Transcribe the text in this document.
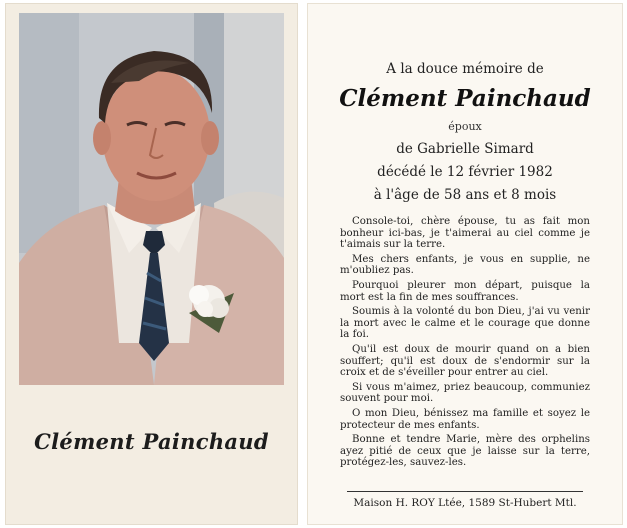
Clément Painchaud
A la douce mémoire de
Clément Painchaud
époux
de Gabrielle Simard
décédé le 12 février 1982
à l'âge de 58 ans et 8 mois

Console-toi, chère épouse, tu as fait mon bonheur ici-bas, je t'aimerai au ciel comme je t'aimais sur la terre.

Mes chers enfants, je vous en supplie, ne m'oubliez pas.

Pourquoi pleurer mon départ, puisque la mort est la fin de mes souffrances.

Soumis à la volonté du bon Dieu, j'ai vu venir la mort avec le calme et le courage que donne la foi.

Qu'il est doux de mourir quand on a bien souffert; qu'il est doux de s'endormir sur la croix et de s'éveiller pour entrer au ciel.

Si vous m'aimez, priez beaucoup, communiez souvent pour moi.

O mon Dieu, bénissez ma famille et soyez le protecteur de mes enfants.

Bonne et tendre Marie, mère des orphelins ayez pitié de ceux que je laisse sur la terre, protégez-les, sauvez-les.

Maison H. ROY Ltée, 1589 St-Hubert Mtl.
